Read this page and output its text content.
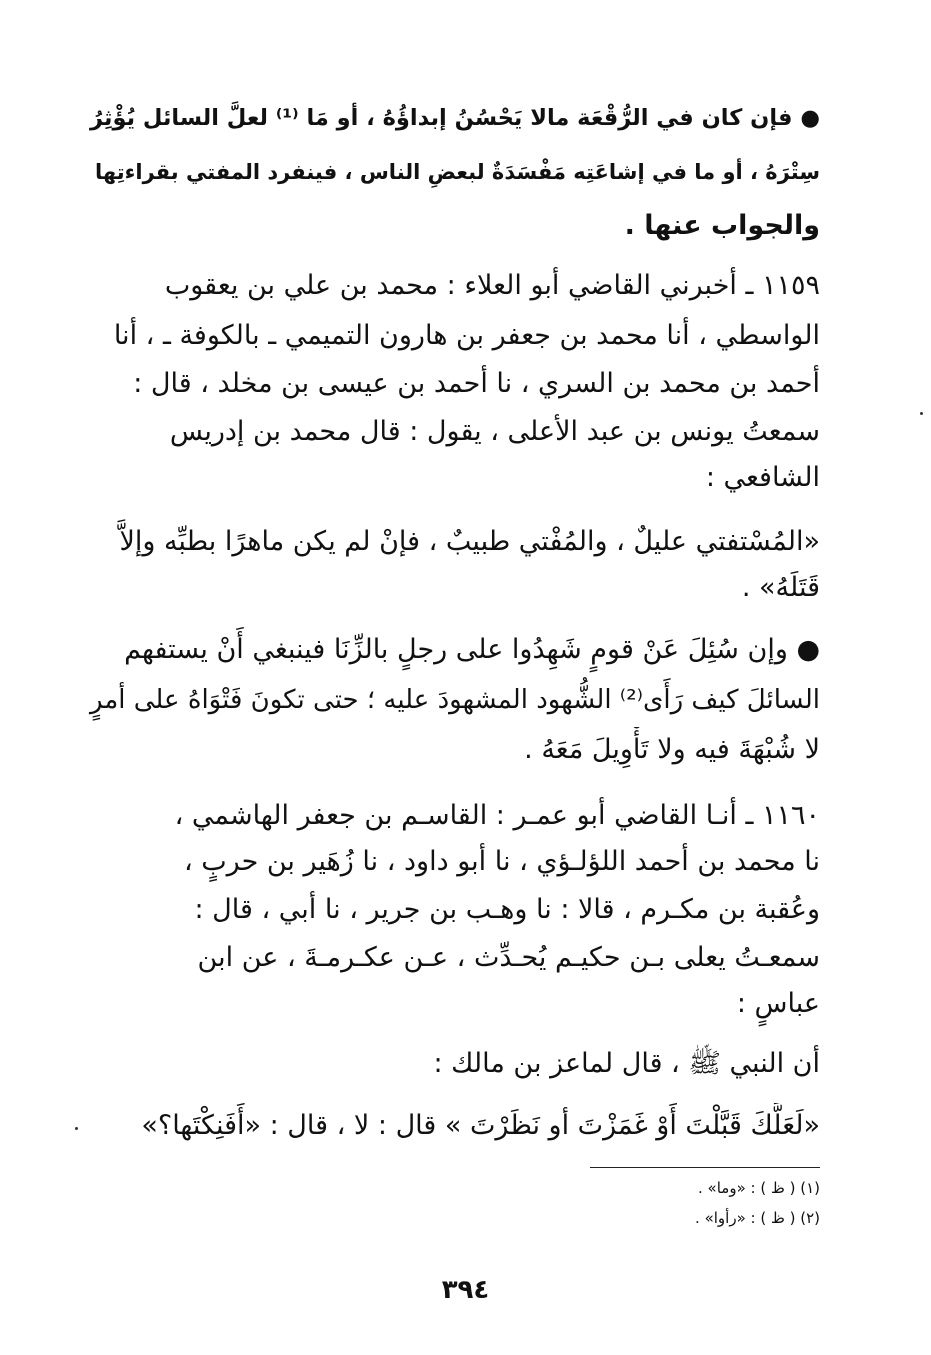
● فإن كان في الرُّقْعَة مالا يَحْسُنُ إبداؤُهُ ، أو مَا ⁽¹⁾ لعلَّ السائل يُؤْثِرُ
سِتْرَهُ ، أو ما في إشاعَتِه مَفْسَدَةٌ لبعضِ الناس ، فينفرد المفتي بقراءتِها
والجواب عنها .
١١٥٩ ـ أخبرني القاضي أبو العلاء : محمد بن علي بن يعقوب
الواسطي ، أنا محمد بن جعفر بن هارون التميمي ـ بالكوفة ـ ، أنا
أحمد بن محمد بن السري ، نا أحمد بن عيسى بن مخلد ، قال :
سمعتُ يونس بن عبد الأعلى ، يقول : قال محمد بن إدريس
الشافعي :
«المُسْتفتي عليلٌ ، والمُفْتي طبيبٌ ، فإنْ لم يكن ماهرًا بطبِّه وإلاَّ
قَتَلَهُ» .
● وإن سُئِلَ عَنْ قومٍ شَهِدُوا على رجلٍ بالزِّنَا فينبغي أَنْ يستفهم
السائلَ كيف رَأَى⁽²⁾ الشُّهود المشهودَ عليه ؛ حتى تكونَ فَتْوَاهُ على أمرٍ
لا شُبْهَةَ فيه ولا تَأْوِيلَ مَعَهُ .
١١٦٠ ـ أنـا القاضي أبو عمـر : القاسـم بن جعفر الهاشمي ،
نا محمد بن أحمد اللؤلـؤي ، نا أبو داود ، نا زُهَير بن حربٍ ،
وعُقبة بن مكـرم ، قالا : نا وهـب بن جرير ، نا أبي ، قال :
سمعـتُ يعلى بـن حكيـم يُحـدِّث ، عـن عكـرمـةَ ، عن ابن
عباسٍ :
أن النبي ﷺ ، قال لماعز بن مالك :
«لَعَلَّكَ قَبَّلْتَ أَوْ غَمَزْتَ أو نَظَرْتَ » قال : لا ، قال : «أَفَنِكْتَها؟»
(١) ( ظ ) : «وما» .
(٢) ( ظ ) : «رأوا» .
٣٩٤
